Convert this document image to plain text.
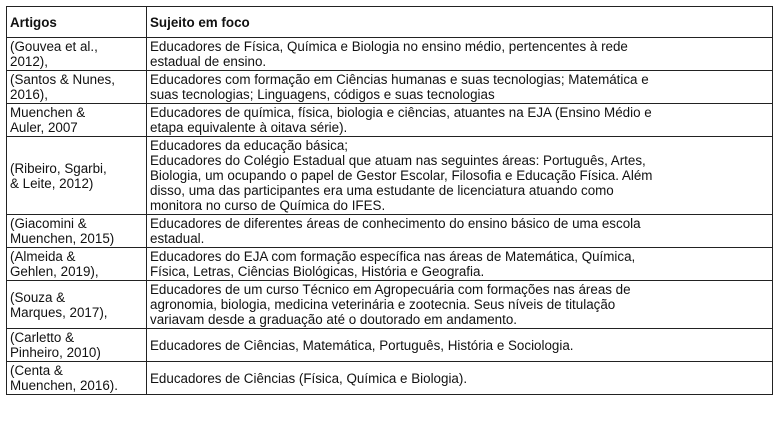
Artigos	Sujeito em foco

(Gouvea et al.,
2012),	Educadores de Física, Química e Biologia no ensino médio, pertencentes à rede
estadual de ensino.

(Santos & Nunes,
2016),	Educadores com formação em Ciências humanas e suas tecnologias; Matemática e
suas tecnologias; Linguagens, códigos e suas tecnologias

Muenchen &
Auler, 2007	Educadores de química, física, biologia e ciências, atuantes na EJA (Ensino Médio e
etapa equivalente à oitava série).

(Ribeiro, Sgarbi,
& Leite, 2012)	Educadores da educação básica;
Educadores do Colégio Estadual que atuam nas seguintes áreas: Português, Artes,
Biologia, um ocupando o papel de Gestor Escolar, Filosofia e Educação Física. Além
disso, uma das participantes era uma estudante de licenciatura atuando como
monitora no curso de Química do IFES.

(Giacomini &
Muenchen, 2015)	Educadores de diferentes áreas de conhecimento do ensino básico de uma escola
estadual.

(Almeida &
Gehlen, 2019),	Educadores do EJA com formação específica nas áreas de Matemática, Química,
Física, Letras, Ciências Biológicas, História e Geografia.

(Souza &
Marques, 2017),	Educadores de um curso Técnico em Agropecuária com formações nas áreas de
agronomia, biologia, medicina veterinária e zootecnia. Seus níveis de titulação
variavam desde a graduação até o doutorado em andamento.

(Carletto &
Pinheiro, 2010)	Educadores de Ciências, Matemática, Português, História e Sociologia.

(Centa &
Muenchen, 2016).	Educadores de Ciências (Física, Química e Biologia).
